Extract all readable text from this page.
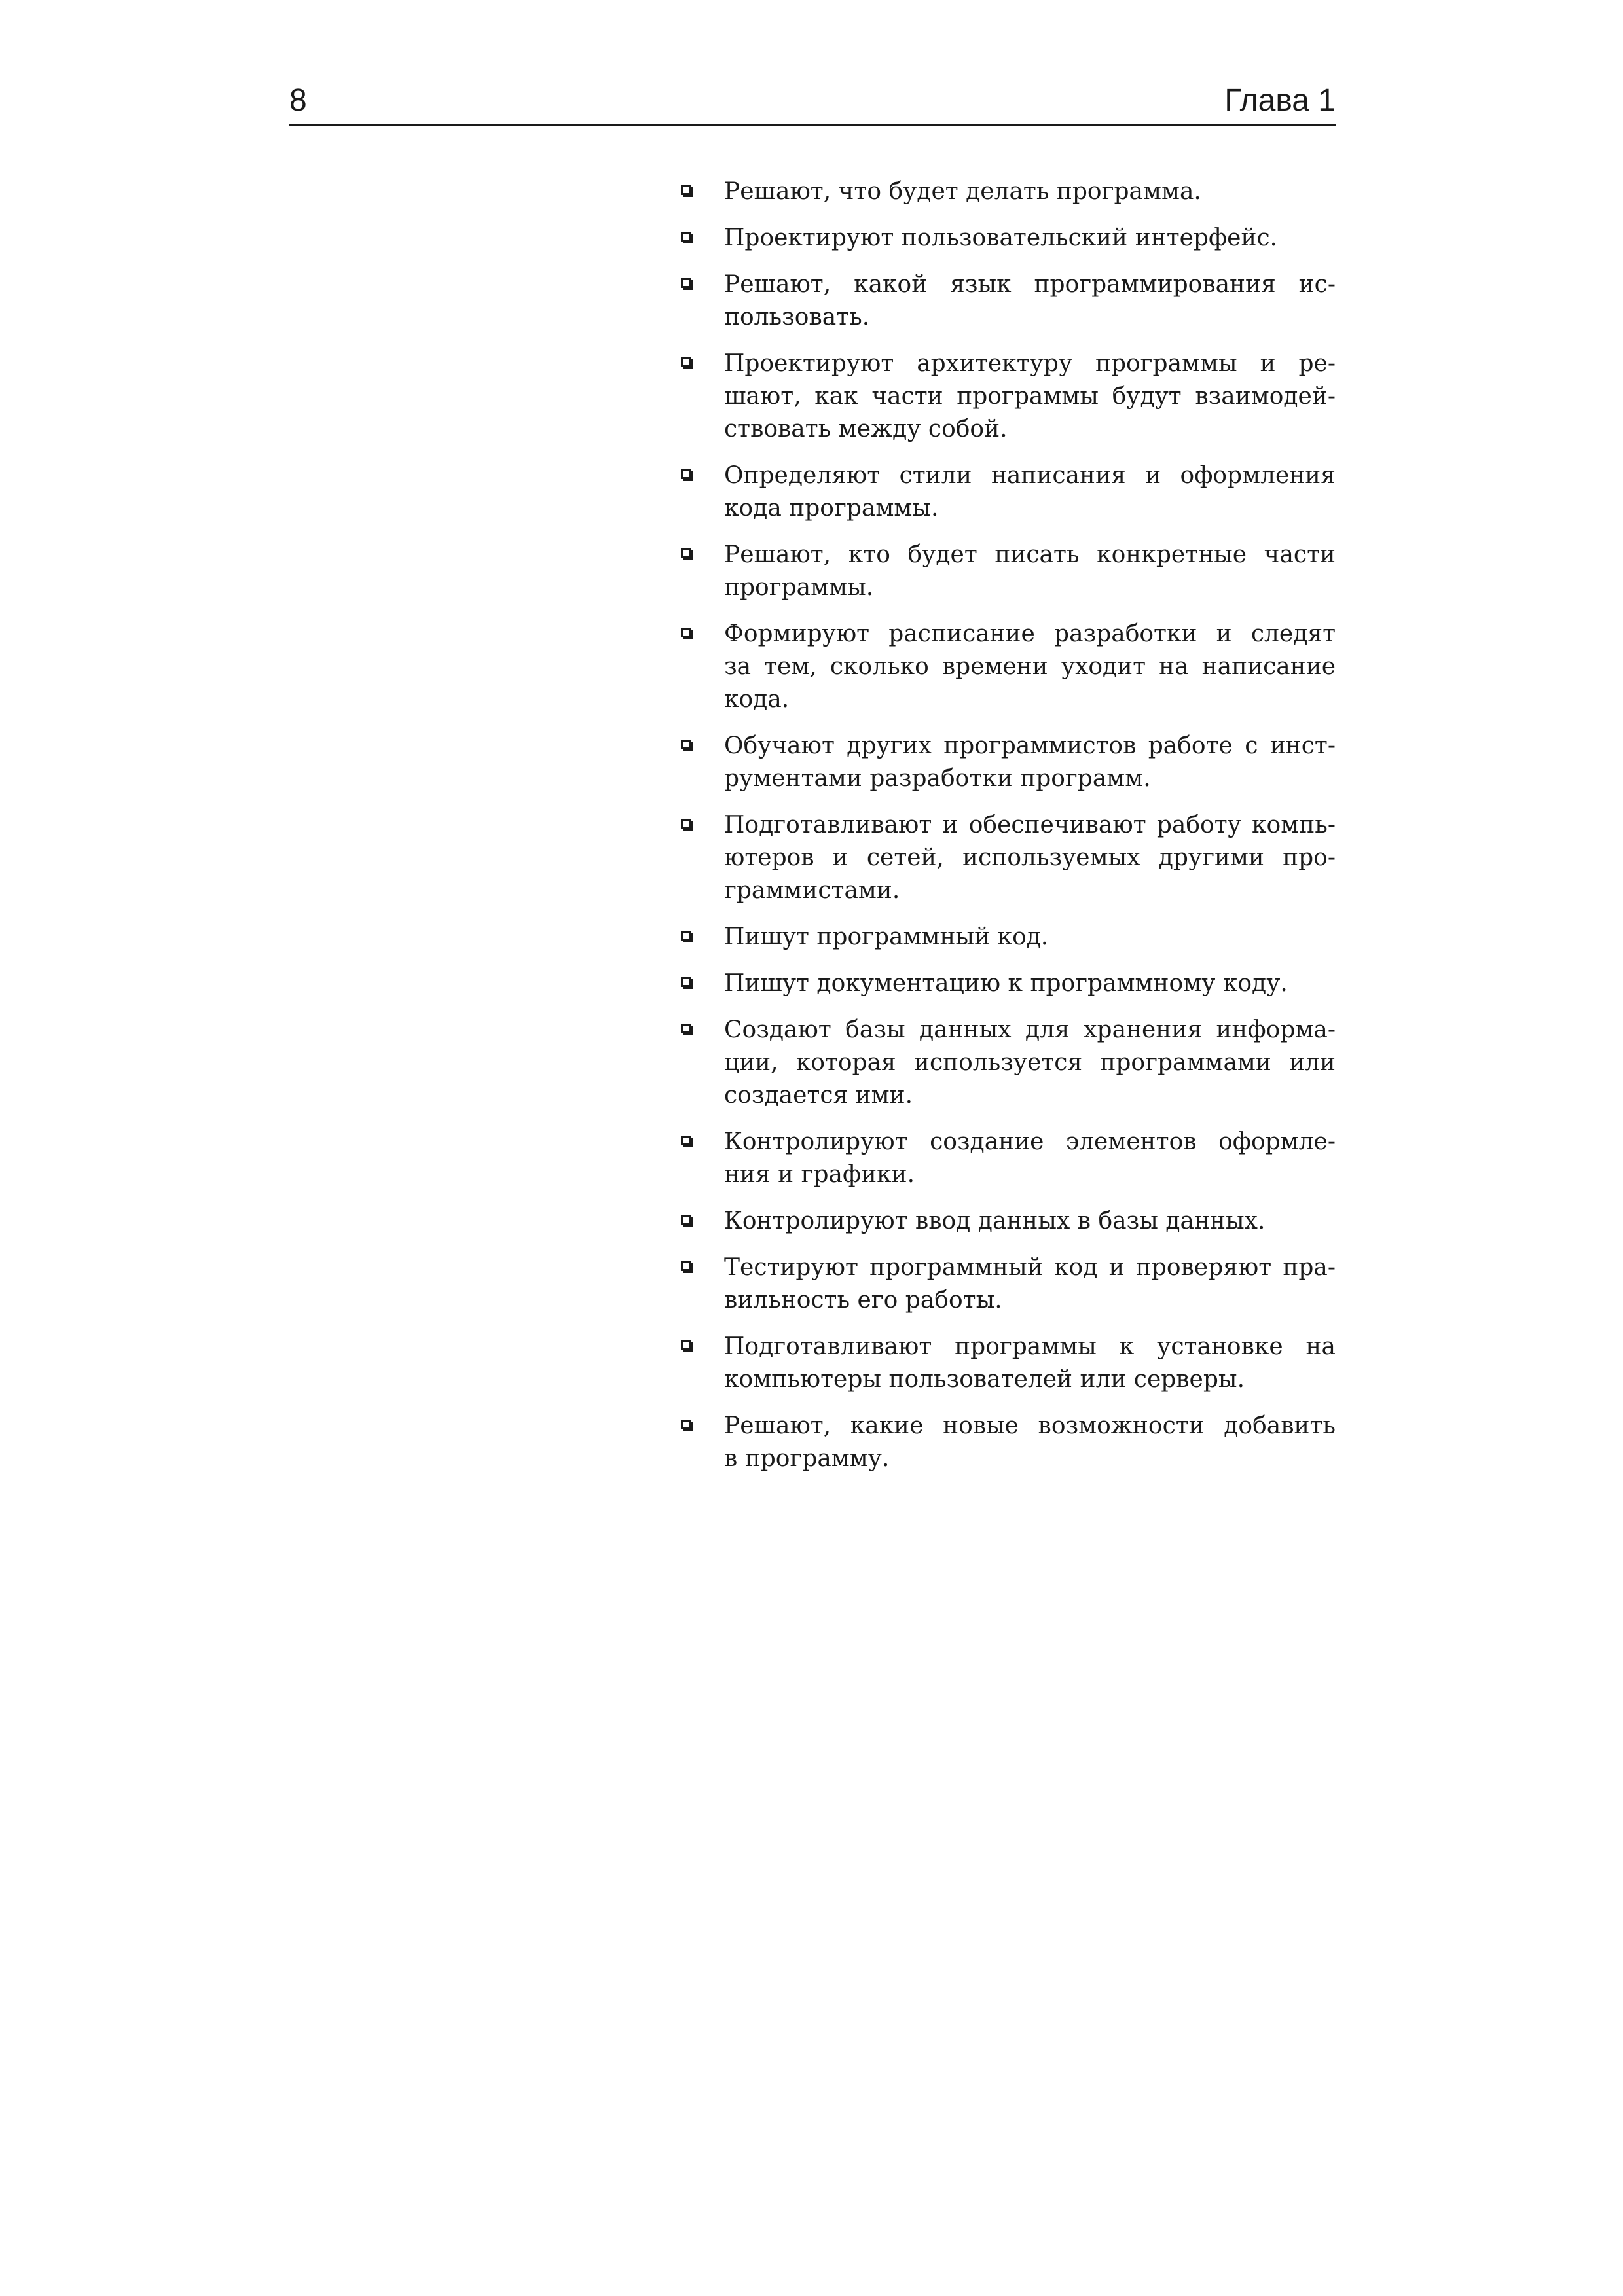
8	Глава 1
Решают, что будет делать программа.
Проектируют пользовательский интерфейс.
Решают, какой язык программирования ис-
пользовать.
Проектируют архитектуру программы и ре-
шают, как части программы будут взаимодей-
ствовать между собой.
Определяют стили написания и оформления
кода программы.
Решают, кто будет писать конкретные части
программы.
Формируют расписание разработки и следят
за тем, сколько времени уходит на написание
кода.
Обучают других программистов работе с инст-
рументами разработки программ.
Подготавливают и обеспечивают работу компь-
ютеров и сетей, используемых другими про-
граммистами.
Пишут программный код.
Пишут документацию к программному коду.
Создают базы данных для хранения информа-
ции, которая используется программами или
создается ими.
Контролируют создание элементов оформле-
ния и графики.
Контролируют ввод данных в базы данных.
Тестируют программный код и проверяют пра-
вильность его работы.
Подготавливают программы к установке на
компьютеры пользователей или серверы.
Решают, какие новые возможности добавить
в программу.
